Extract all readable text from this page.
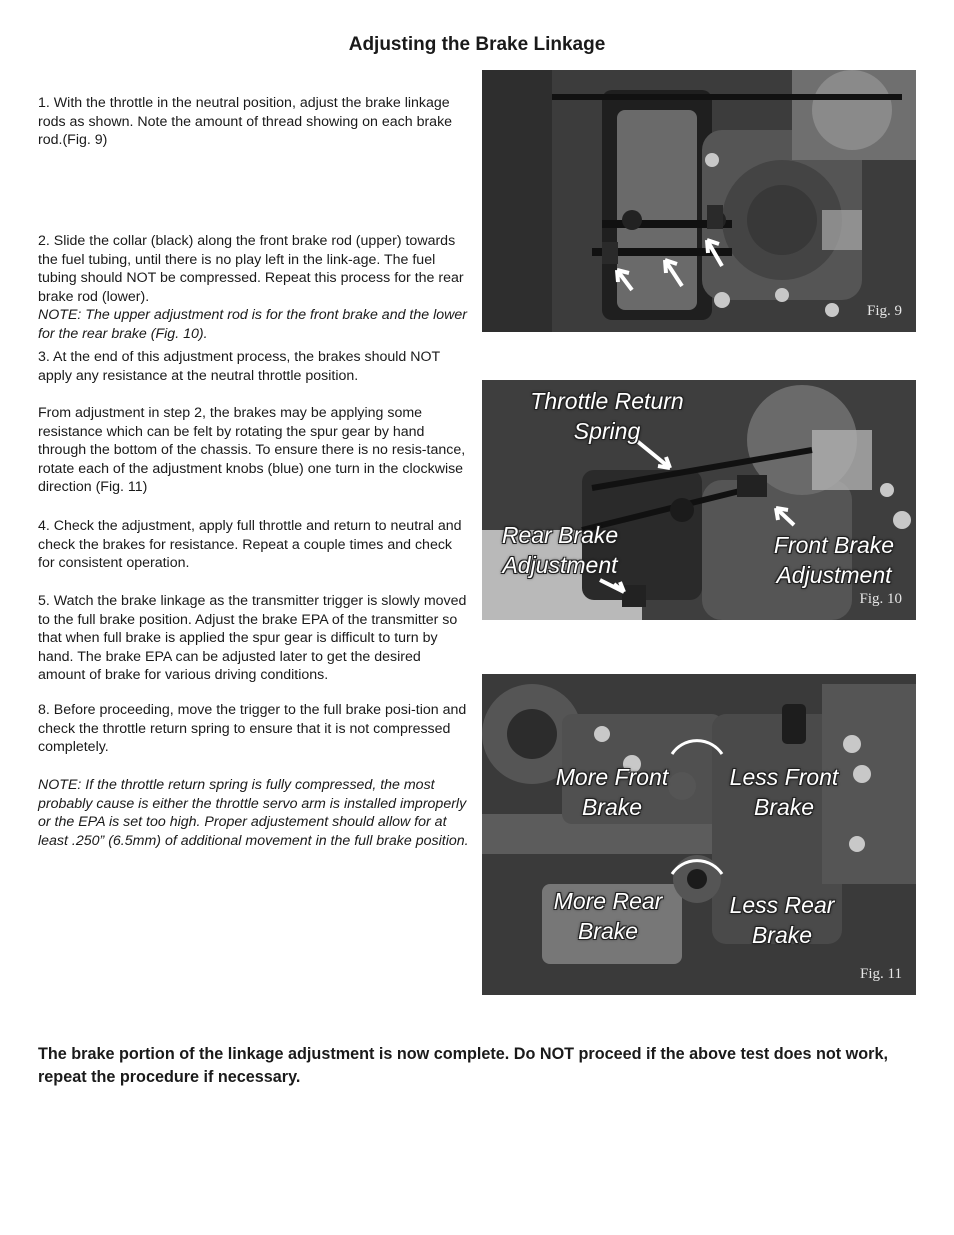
Adjusting the Brake Linkage

1. With the throttle in the neutral position, adjust the brake linkage rods as shown. Note the amount of thread showing on each brake rod.(Fig. 9)

2. Slide the collar (black) along the front brake rod (upper) towards the fuel tubing, until there is no play left in the link-age. The fuel tubing should NOT be compressed. Repeat this process for the rear brake rod (lower).

NOTE: The upper adjustment rod is for the front brake and the lower for the rear brake (Fig. 10).

3. At the end of this adjustment process, the brakes should NOT apply any resistance at the neutral throttle position.

From adjustment in step 2, the brakes may be applying some resistance which can be felt by rotating the spur gear by hand through the bottom of the chassis. To ensure there is no resis-tance, rotate each of the adjustment knobs (blue) one turn in the clockwise direction (Fig. 11)

4. Check the adjustment, apply full throttle and return to neutral and check the brakes for resistance. Repeat a couple times and check for consistent operation.

5. Watch the brake linkage as the transmitter trigger is slowly moved to the full brake position. Adjust the brake EPA of the transmitter so that when full brake is applied the spur gear is difficult to turn by hand. The brake EPA can be adjusted later to get the desired amount of brake for various driving conditions.

8. Before proceeding, move the trigger to the full brake posi-tion and check the throttle return spring to ensure that it is not compressed completely.

NOTE: If the throttle return spring is fully compressed, the most probably cause is either the throttle servo arm is installed improperly or the EPA is set too high. Proper adjustement should allow for at least .250” (6.5mm) of additional movement in the full brake position.

Fig. 9
Throttle Return Spring
Rear Brake Adjustment
Front Brake Adjustment
Fig. 10
More Front Brake
Less Front Brake
More Rear Brake
Less Rear Brake
Fig. 11
The brake portion of the linkage adjustment is now complete. Do NOT proceed if the above test does not work, repeat the procedure if necessary.
